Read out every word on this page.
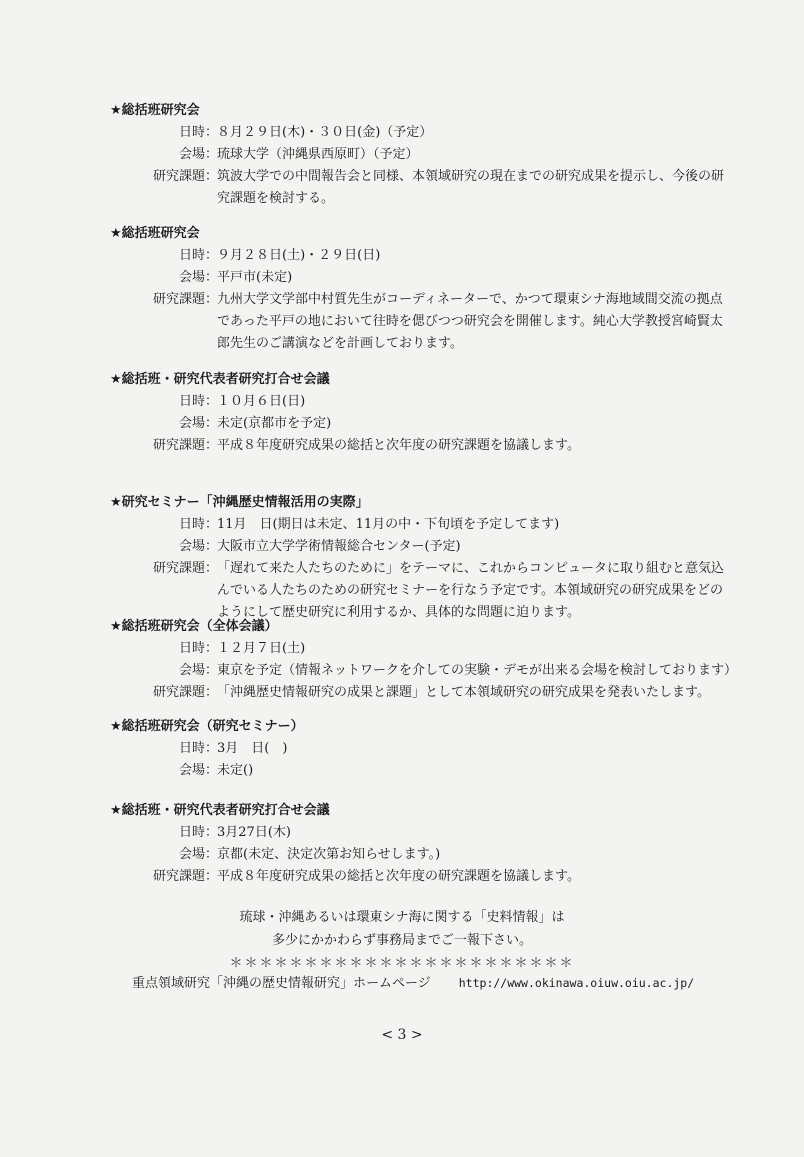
★総括班研究会
日時 ：
８月２９日(木)・３０日(金)（予定）
会場 ：
琉球大学（沖縄県西原町）（予定）
研究課題 ：
筑波大学での中間報告会と同様、本領域研究の現在までの研究成果を提示し、今後の研
究課題を検討する。
★総括班研究会
日時 ：
９月２８日(土)・２９日(日)
会場 ：
平戸市(未定)
研究課題 ：
九州大学文学部中村質先生がコーディネーターで、かつて環東シナ海地域間交流の拠点
であった平戸の地において往時を偲びつつ研究会を開催します。純心大学教授宮崎賢太
郎先生のご講演などを計画しております。
★総括班・研究代表者研究打合せ会議
日時 ：
１０月６日(日)
会場 ：
未定(京都市を予定)
研究課題 ：
平成８年度研究成果の総括と次年度の研究課題を協議します。
★研究セミナー「沖縄歴史情報活用の実際」
日時 ：
11月　日(期日は未定、11月の中・下旬頃を予定してます)
会場 ：
大阪市立大学学術情報総合センター(予定)
研究課題 ：
「遅れて来た人たちのために」をテーマに、これからコンピュータに取り組むと意気込
んでいる人たちのための研究セミナーを行なう予定です。本領域研究の研究成果をどの
ようにして歴史研究に利用するか、具体的な問題に迫ります。
★総括班研究会（全体会議）
日時 ：
１２月７日(土)
会場 ：
東京を予定（情報ネットワークを介しての実験・デモが出来る会場を検討しております）
研究課題 ：
「沖縄歴史情報研究の成果と課題」として本領域研究の研究成果を発表いたします。
★総括班研究会（研究セミナー）
日時 ：
3月　日(　)
会場 ：
未定()
★総括班・研究代表者研究打合せ会議
日時 ：
3月27日(木)
会場 ：
京都(未定、決定次第お知らせします。)
研究課題 ：
平成８年度研究成果の総括と次年度の研究課題を協議します。
琉球・沖縄あるいは環東シナ海に関する「史料情報」は
多少にかかわらず事務局までご一報下さい。
＊＊＊＊＊＊＊＊＊＊＊＊＊＊＊＊＊＊＊＊＊＊＊
重点領域研究「沖縄の歴史情報研究」ホームページ http://www.okinawa.oiuw.oiu.ac.jp/
< 3 >
